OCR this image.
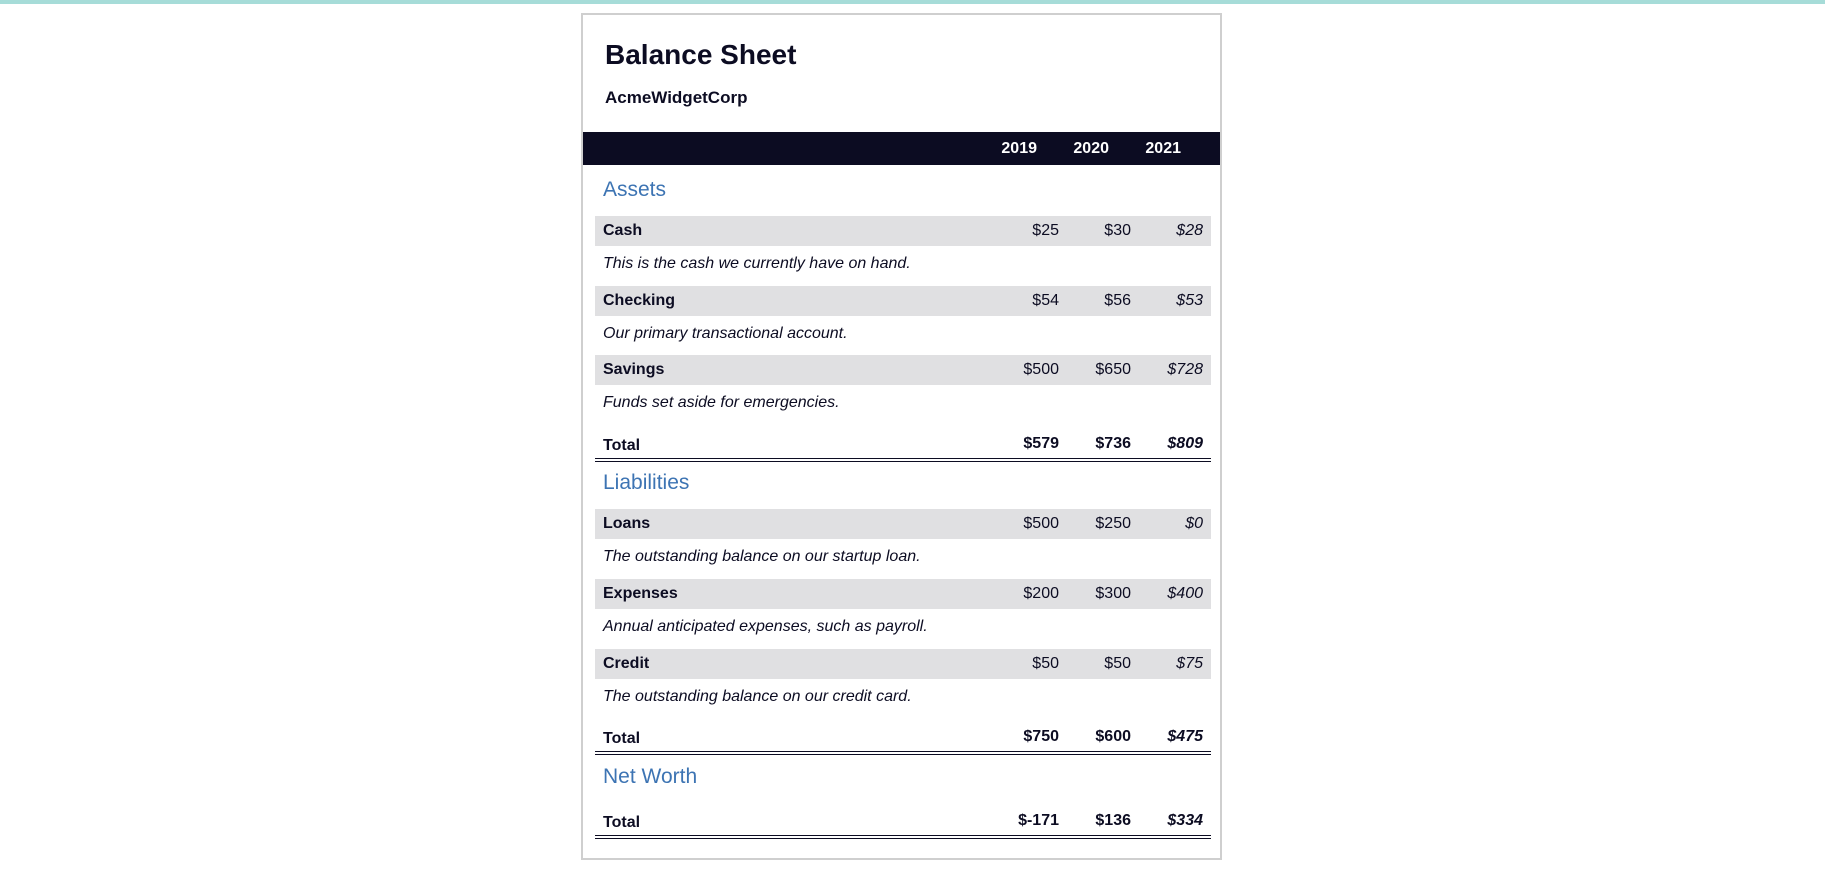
Balance Sheet
AcmeWidgetCorp
2019	2020	2021
Assets
Cash	$25	$30	$28
This is the cash we currently have on hand.
Checking	$54	$56	$53
Our primary transactional account.
Savings	$500	$650	$728
Funds set aside for emergencies.
Total	$579	$736	$809
Liabilities
Loans	$500	$250	$0
The outstanding balance on our startup loan.
Expenses	$200	$300	$400
Annual anticipated expenses, such as payroll.
Credit	$50	$50	$75
The outstanding balance on our credit card.
Total	$750	$600	$475
Net Worth
Total	$-171	$136	$334
